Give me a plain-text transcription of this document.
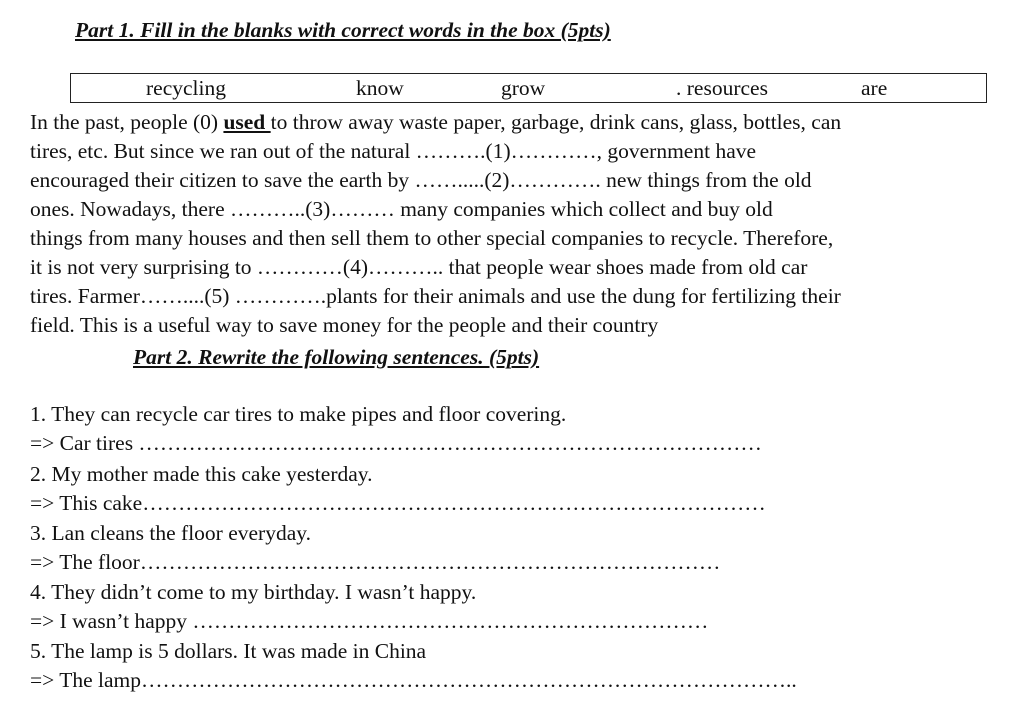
Part 1. Fill in the blanks with correct words in the box (5pts)
recycling	know	grow	. resources	are
In the past, people (0) used to throw away waste paper, garbage, drink cans, glass, bottles, can
tires, etc. But since we ran out of the natural ……….(1)…………, government have
encouraged their citizen to save the earth by …….....(2)…………. new things from the old
ones. Nowadays, there ………..(3)……… many companies which collect and buy old
things from many houses and then sell them to other special companies to recycle. Therefore,
it is not very surprising to …………(4)……….. that people wear shoes made from old car
tires. Farmer……....(5) ………….plants for their animals and use the dung for fertilizing their
field. This is a useful way to save money for the people and their country
Part 2. Rewrite the following sentences. (5pts)
1. They can recycle car tires to make pipes and floor covering.
=> Car tires ……………………………………………………………………………
2. My mother made this cake yesterday.
=> This cake……………………………………………………………………………
3. Lan cleans the floor everyday.
=> The floor………………………………………………………………………
4. They didn’t come to my birthday. I wasn’t happy.
=> I wasn’t happy ………………………………………………………………
5. The lamp is 5 dollars. It was made in China
=> The lamp………………………………………………………………………………..
